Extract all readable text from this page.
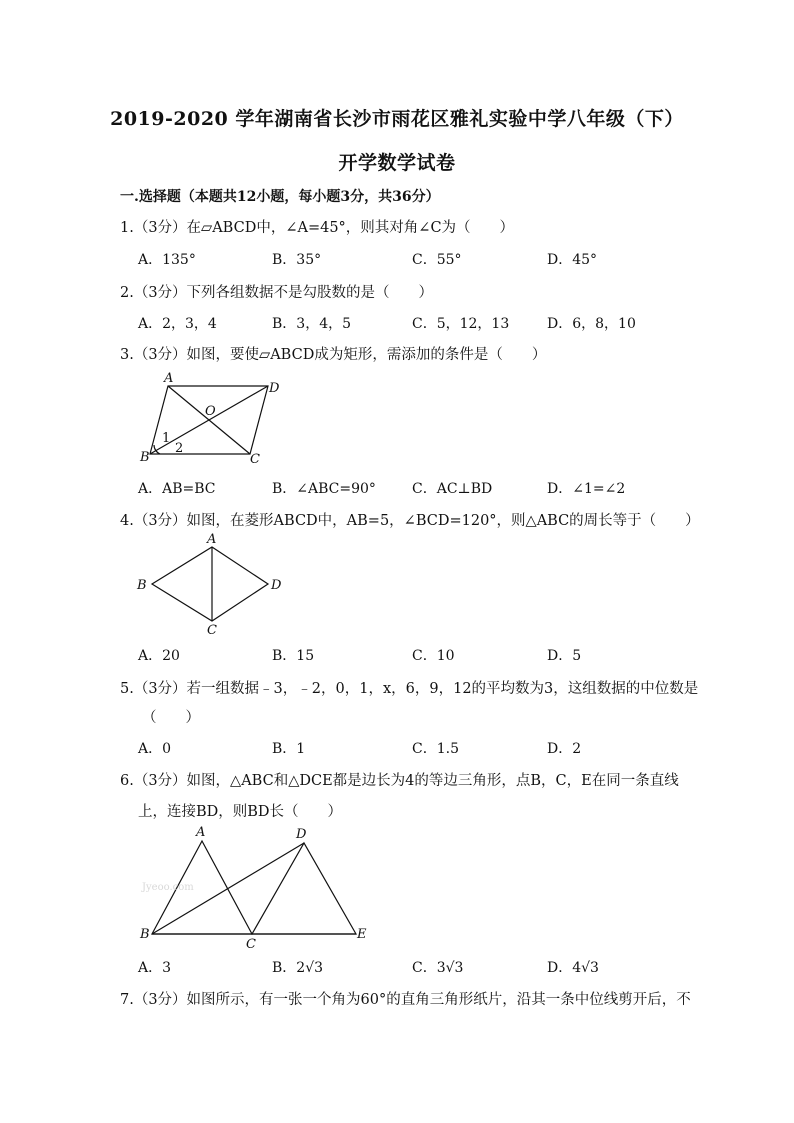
2019-2020 学年湖南省长沙市雨花区雅礼实验中学八年级（下）
开学数学试卷
一.选择题（本题共12小题，每小题3分，共36分）
1.（3分）在▱ABCD中，∠A=45°，则其对角∠C为（　　）
A．135°	B．35°	C．55°	D．45°
2.（3分）下列各组数据不是勾股数的是（　　）
A．2，3，4	B．3，4，5	C．5，12，13	D．6，8，10
3.（3分）如图，要使▱ABCD成为矩形，需添加的条件是（　　）
A
D
O
1
2
B	C
A．AB=BC	B．∠ABC=90°	C．AC⊥BD	D．∠1=∠2
4.（3分）如图，在菱形ABCD中，AB=5，∠BCD=120°，则△ABC的周长等于（　　）
A
B	D
C
A．20	B．15	C．10	D．5
5.（3分）若一组数据﹣3，﹣2，0，1，x，6，9，12的平均数为3，这组数据的中位数是
（　　）
A．0	B．1	C．1.5	D．2
6.（3分）如图，△ABC和△DCE都是边长为4的等边三角形，点B，C，E在同一条直线
上，连接BD，则BD长（　　）
Jyeoo.com
A	D
B
C
E
A．3	B．2√3	C．3√3	D．4√3
7.（3分）如图所示，有一张一个角为60°的直角三角形纸片，沿其一条中位线剪开后，不
